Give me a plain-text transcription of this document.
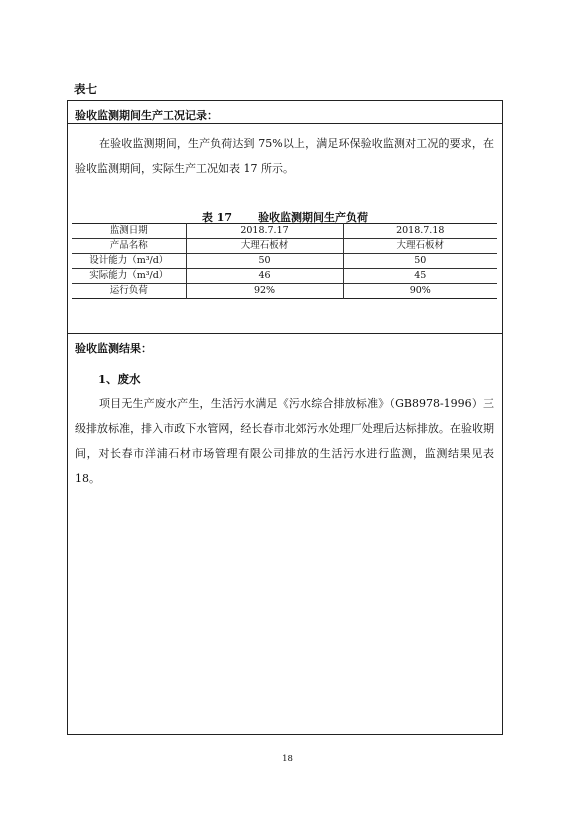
表七
验收监测期间生产工况记录：

在验收监测期间，生产负荷达到 75%以上，满足环保验收监测对工况的要求，在验收监测期间，实际生产工况如表 17 所示。

表 17 验收监测期间生产负荷
监测日期	2018.7.17	2018.7.18
产品名称	大理石板材	大理石板材
设计能力（m³/d）	50	50
实际能力（m³/d）	46	45
运行负荷	92%	90%
验收监测结果：
1、废水

项目无生产废水产生，生活污水满足《污水综合排放标准》（GB8978-1996）三级排放标准，排入市政下水管网，经长春市北郊污水处理厂处理后达标排放。在验收期间，对长春市洋浦石材市场管理有限公司排放的生活污水进行监测，监测结果见表 18。

18
